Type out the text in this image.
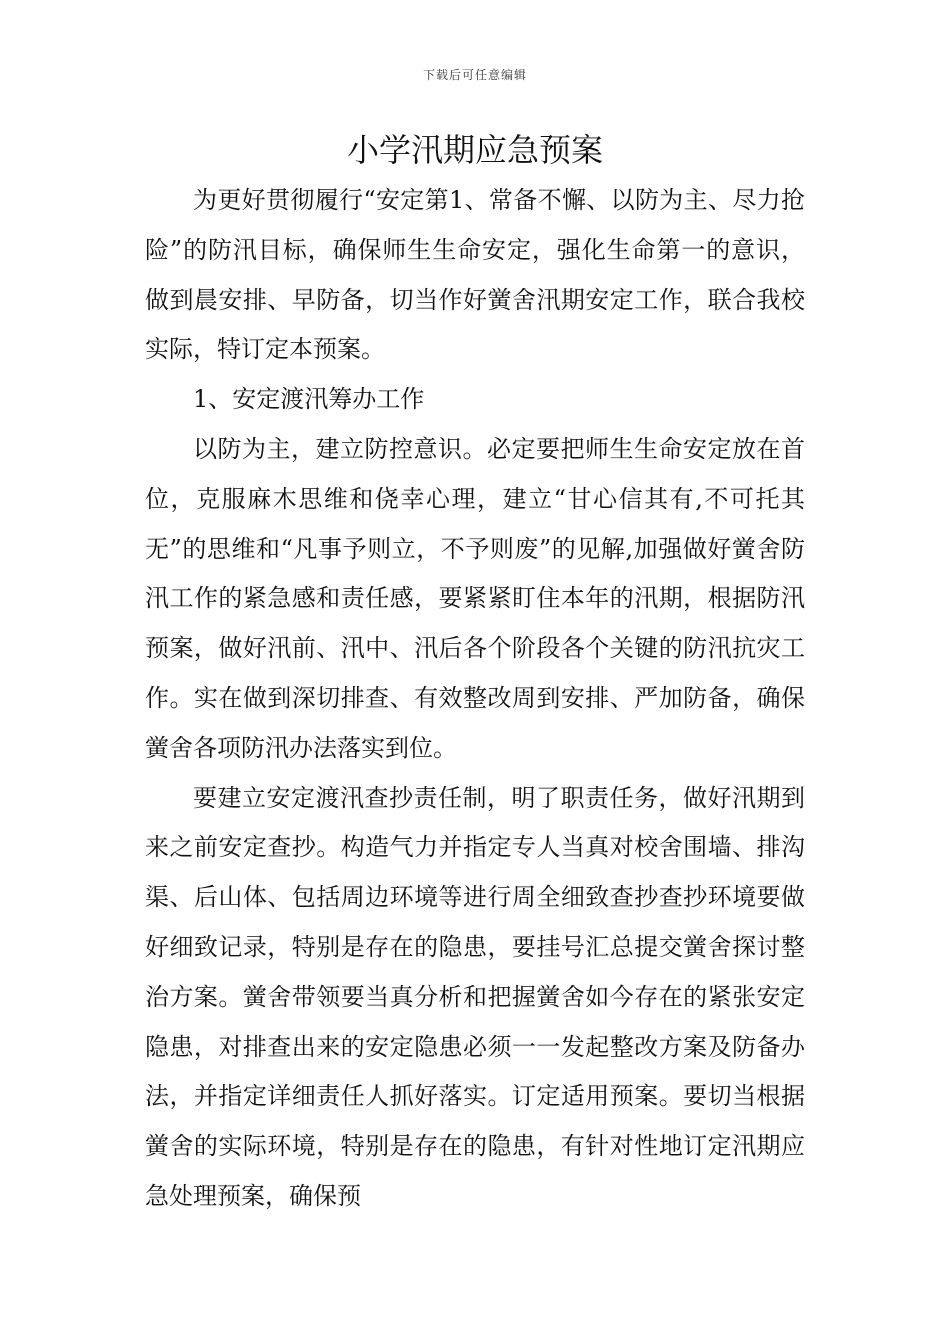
下载后可任意编辑
小学汛期应急预案

为更好贯彻履行“安定第1、常备不懈、以防为主、尽力抢险”的防汛目标，确保师生生命安定，强化生命第一的意识，做到晨安排、早防备，切当作好黉舍汛期安定工作，联合我校实际，特订定本预案。

1、安定渡汛筹办工作

以防为主，建立防控意识。必定要把师生生命安定放在首位，克服麻木思维和侥幸心理，建立“甘心信其有,不可托其无”的思维和“凡事予则立，不予则废”的见解,加强做好黉舍防汛工作的紧急感和责任感，要紧紧盯住本年的汛期，根据防汛预案，做好汛前、汛中、汛后各个阶段各个关键的防汛抗灾工作。实在做到深切排查、有效整改周到安排、严加防备，确保黉舍各项防汛办法落实到位。

要建立安定渡汛查抄责任制，明了职责任务，做好汛期到来之前安定查抄。构造气力并指定专人当真对校舍围墙、排沟渠、后山体、包括周边环境等进行周全细致查抄查抄环境要做好细致记录，特别是存在的隐患，要挂号汇总提交黉舍探讨整治方案。黉舍带领要当真分析和把握黉舍如今存在的紧张安定隐患，对排查出来的安定隐患必须一一发起整改方案及防备办法，并指定详细责任人抓好落实。订定适用预案。要切当根据黉舍的实际环境，特别是存在的隐患，有针对性地订定汛期应急处理预案，确保预
